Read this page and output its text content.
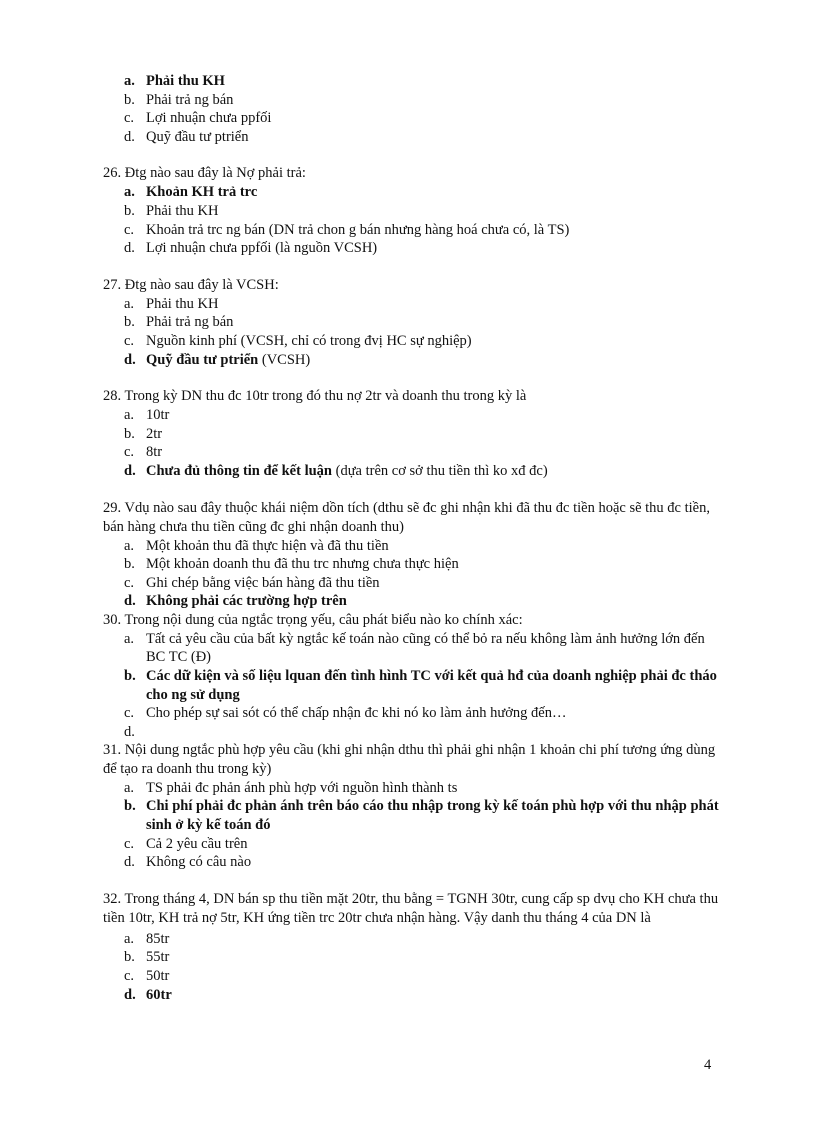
a. Phải thu KH
b. Phải trả ng bán
c. Lợi nhuận chưa ppfối
d. Quỹ đầu tư ptriển

26. Đtg nào sau đây là Nợ phải trả:

a. Khoản KH trả trc
b. Phải thu KH
c. Khoản trả trc ng bán (DN trả chon g bán nhưng hàng hoá chưa có, là TS)
d. Lợi nhuận chưa ppfối (là nguồn VCSH)

27. Đtg nào sau đây là VCSH:

a. Phải thu KH
b. Phải trả ng bán
c. Nguồn kinh phí (VCSH, chỉ có trong đvị HC sự nghiệp)
d. Quỹ đầu tư ptriển (VCSH)

28. Trong kỳ DN thu đc 10tr trong đó thu nợ 2tr và doanh thu trong kỳ là

a. 10tr
b. 2tr
c. 8tr
d. Chưa đủ thông tin để kết luận (dựa trên cơ sở thu tiền thì ko xđ đc)

29. Vdụ nào sau đây thuộc khái niệm dồn tích (dthu sẽ đc ghi nhận khi đã thu đc tiền hoặc sẽ thu đc tiền, bán hàng chưa thu tiền cũng đc ghi nhận doanh thu)

a. Một khoản thu đã thực hiện và đã thu tiền
b. Một khoản doanh thu đã thu trc nhưng chưa thực hiện
c. Ghi chép bằng việc bán hàng đã thu tiền
d. Không phải các trường hợp trên

30. Trong nội dung của ngtắc trọng yếu, câu phát biểu nào ko chính xác:

a. Tất cả yêu cầu của bất kỳ ngtắc kế toán nào cũng có thể bỏ ra nếu không làm ảnh hưởng lớn đến BC TC (Đ)
b. Các dữ kiện và số liệu lquan đến tình hình TC với kết quả hđ của doanh nghiệp phải đc tháo cho ng sử dụng
c. Cho phép sự sai sót có thể chấp nhận đc khi nó ko làm ảnh hưởng đến…
d.

31. Nội dung ngtắc phù hợp yêu cầu (khi ghi nhận dthu thì phải ghi nhận 1 khoản chi phí tương ứng dùng để tạo ra doanh thu trong kỳ)

a. TS phải đc phản ánh phù hợp với nguồn hình thành ts
b. Chi phí phải đc phản ánh trên báo cáo thu nhập trong kỳ kế toán phù hợp với thu nhập phát sinh ở kỳ kế toán đó
c. Cả 2 yêu cầu trên
d. Không có câu nào

32. Trong tháng 4, DN bán sp thu tiền mặt 20tr, thu bằng = TGNH 30tr, cung cấp sp dvụ cho KH chưa thu tiền 10tr, KH trả nợ 5tr, KH ứng tiền trc 20tr chưa nhận hàng. Vậy danh thu tháng 4 của DN là

a. 85tr
b. 55tr
c. 50tr
d. 60tr
4
